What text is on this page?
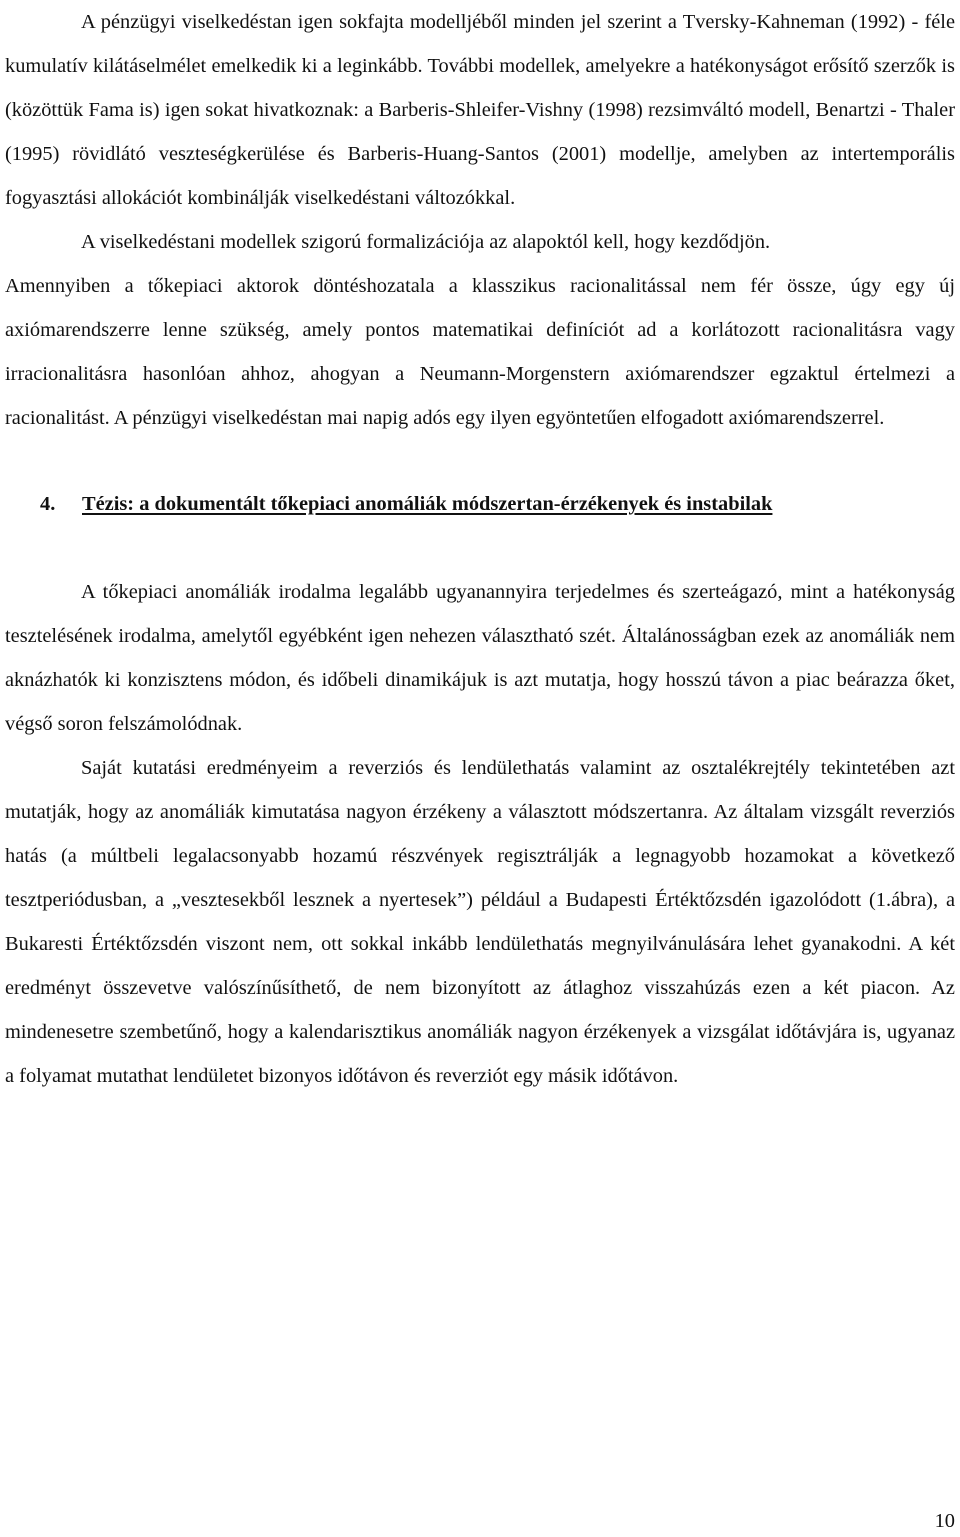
A pénzügyi viselkedéstan igen sokfajta modelljéből minden jel szerint a Tversky-Kahneman (1992) - féle kumulatív kilátáselmélet emelkedik ki a leginkább. További modellek, amelyekre a hatékonyságot erősítő szerzők is (közöttük Fama is) igen sokat hivatkoznak: a Barberis-Shleifer-Vishny (1998) rezsimváltó modell, Benartzi - Thaler (1995) rövidlátó veszteségkerülése és Barberis-Huang-Santos (2001) modellje, amelyben az intertemporális fogyasztási allokációt kombinálják viselkedéstani változókkal.

A viselkedéstani modellek szigorú formalizációja az alapoktól kell, hogy kezdődjön.

Amennyiben a tőkepiaci aktorok döntéshozatala a klasszikus racionalitással nem fér össze, úgy egy új axiómarendszerre lenne szükség, amely pontos matematikai definíciót ad a korlátozott racionalitásra vagy irracionalitásra hasonlóan ahhoz, ahogyan a Neumann-Morgenstern axiómarendszer egzaktul értelmezi a racionalitást. A pénzügyi viselkedéstan mai napig adós egy ilyen egyöntetűen elfogadott axiómarendszerrel.

4. Tézis: a dokumentált tőkepiaci anomáliák módszertan-érzékenyek és instabilak

A tőkepiaci anomáliák irodalma legalább ugyanannyira terjedelmes és szerteágazó, mint a hatékonyság tesztelésének irodalma, amelytől egyébként igen nehezen választható szét. Általánosságban ezek az anomáliák nem aknázhatók ki konzisztens módon, és időbeli dinamikájuk is azt mutatja, hogy hosszú távon a piac beárazza őket, végső soron felszámolódnak.

Saját kutatási eredményeim a reverziós és lendülethatás valamint az osztalékrejtély tekintetében azt mutatják, hogy az anomáliák kimutatása nagyon érzékeny a választott módszertanra. Az általam vizsgált reverziós hatás (a múltbeli legalacsonyabb hozamú részvények regisztrálják a legnagyobb hozamokat a következő tesztperiódusban, a „vesztesekből lesznek a nyertesek”) például a Budapesti Értéktőzsdén igazolódott (1.ábra), a Bukaresti Értéktőzsdén viszont nem, ott sokkal inkább lendülethatás megnyilvánulására lehet gyanakodni. A két eredményt összevetve valószínűsíthető, de nem bizonyított az átlaghoz visszahúzás ezen a két piacon. Az mindenesetre szembetűnő, hogy a kalendarisztikus anomáliák nagyon érzékenyek a vizsgálat időtávjára is, ugyanaz a folyamat mutathat lendületet bizonyos időtávon és reverziót egy másik időtávon.

10
